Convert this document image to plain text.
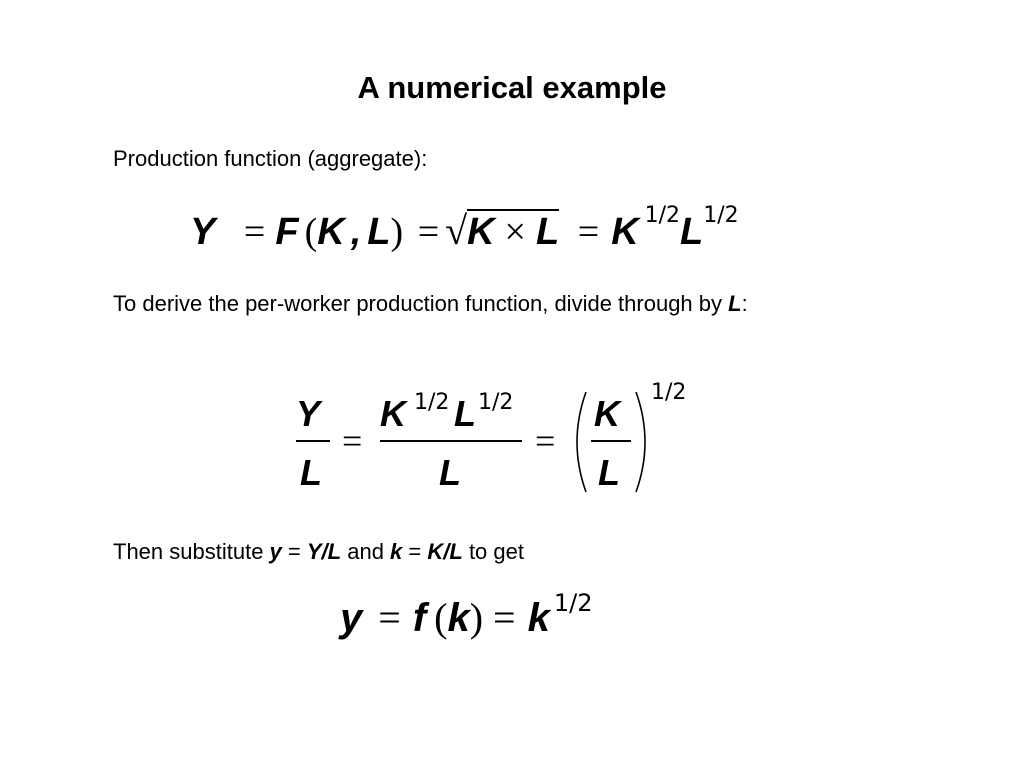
A numerical example
Production function (aggregate):
Y = F (K , L) = √K × L = K $^{1/2}L^{1/2}$
To derive the per-worker production function, divide through by L:
Y
L
=
K 1/2 L 1/2
L
=
K
L
1/2
Then substitute y = Y/L and k = K/L to get
y = f (k) = k $^{1/2}$
